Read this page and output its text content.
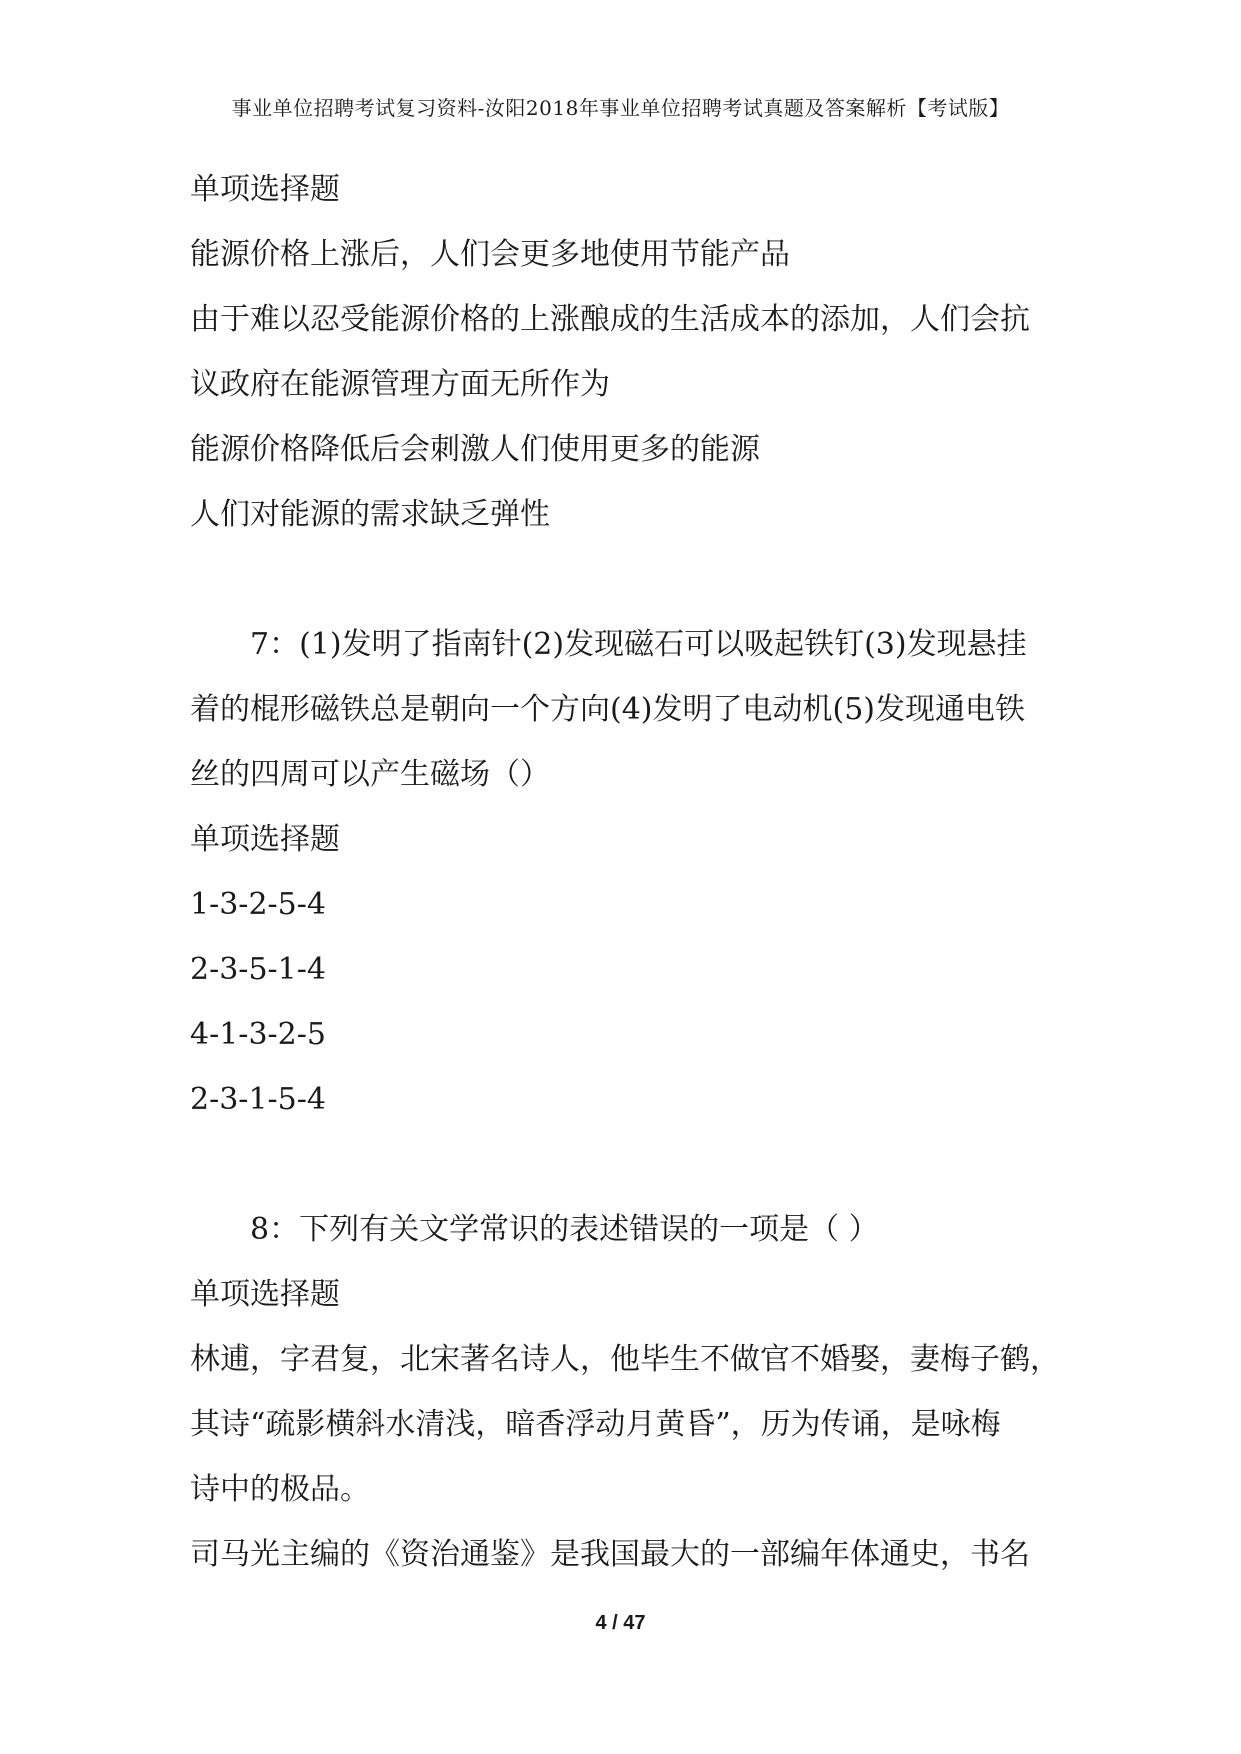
事业单位招聘考试复习资料-汝阳2018年事业单位招聘考试真题及答案解析【考试版】
单项选择题
能源价格上涨后，人们会更多地使用节能产品
由于难以忍受能源价格的上涨酿成的生活成本的添加，人们会抗
议政府在能源管理方面无所作为
能源价格降低后会刺激人们使用更多的能源
人们对能源的需求缺乏弹性
7：(1)发明了指南针(2)发现磁石可以吸起铁钉(3)发现悬挂
着的棍形磁铁总是朝向一个方向(4)发明了电动机(5)发现通电铁
丝的四周可以产生磁场（）
单项选择题
1-3-2-5-4
2-3-5-1-4
4-1-3-2-5
2-3-1-5-4
8：下列有关文学常识的表述错误的一项是（ ）
单项选择题
林逋，字君复，北宋著名诗人，他毕生不做官不婚娶，妻梅子鹤，
其诗“疏影横斜水清浅，暗香浮动月黄昏”，历为传诵，是咏梅
诗中的极品。
司马光主编的《资治通鉴》是我国最大的一部编年体通史，书名
4 / 47
